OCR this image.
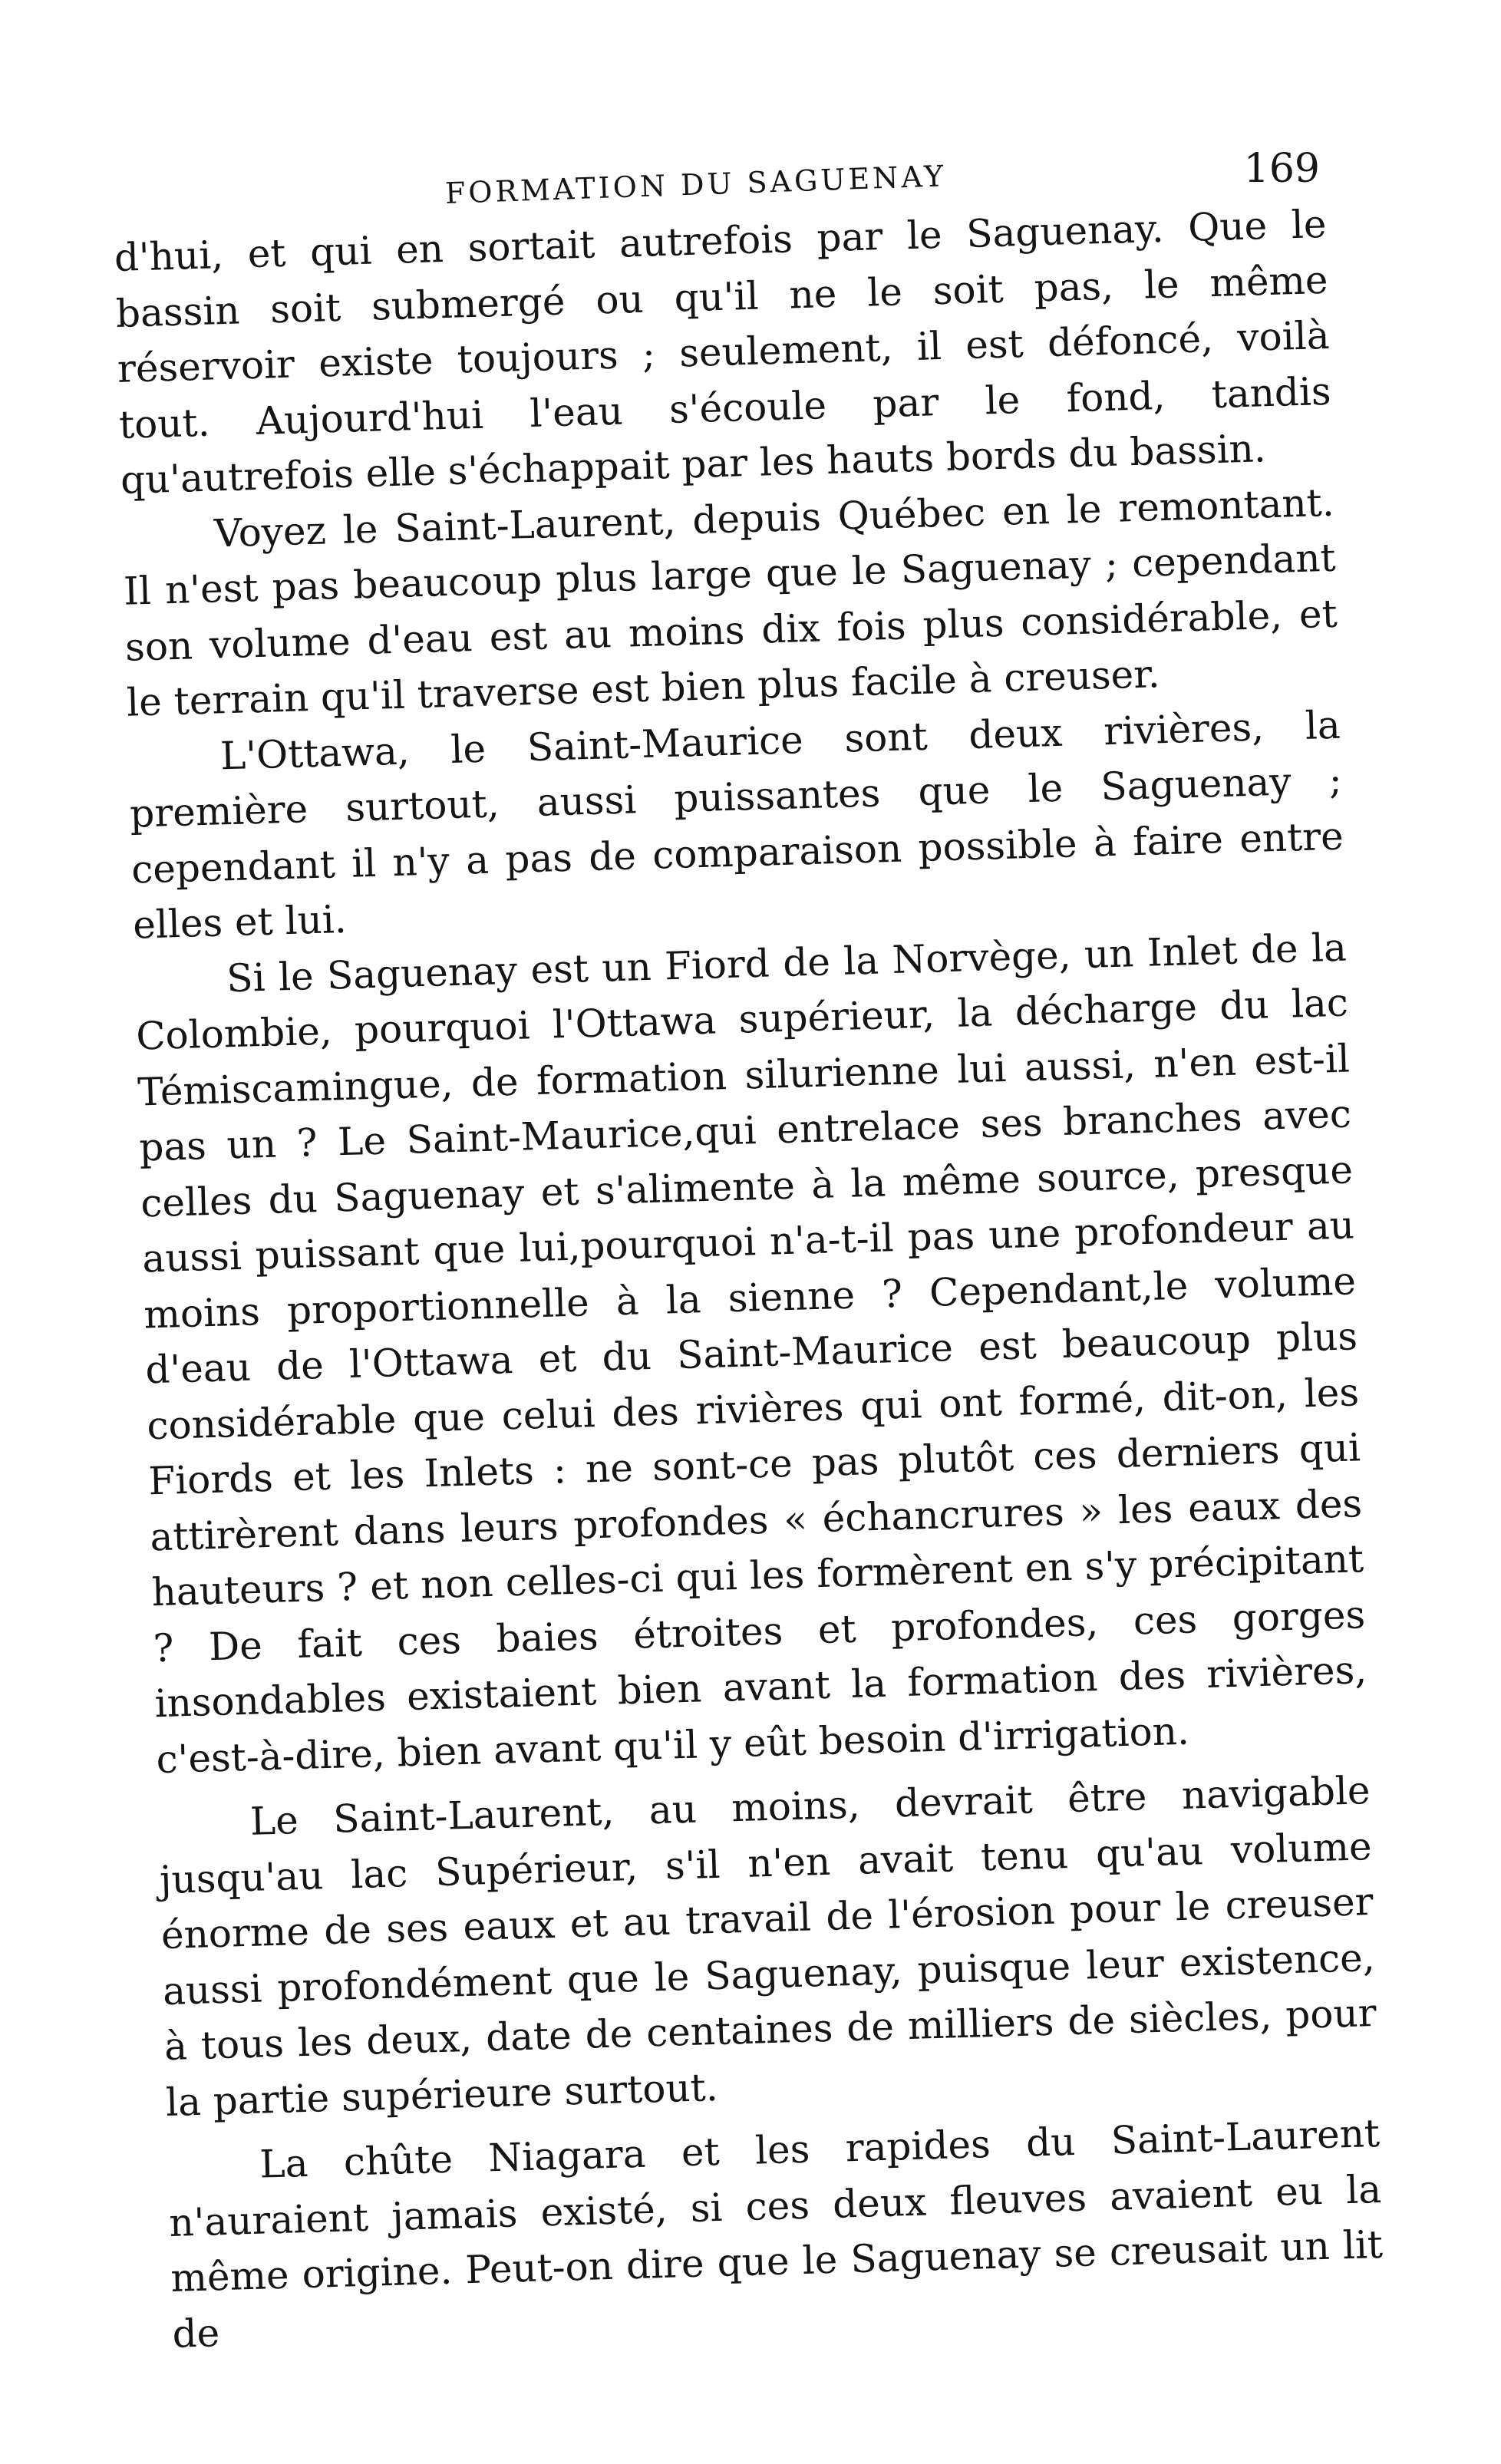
FORMATION DU SAGUENAY	169

d'hui, et qui en sortait autrefois par le Saguenay. Que le bassin soit submergé ou qu'il ne le soit pas, le même réservoir existe toujours ; seulement, il est défoncé, voilà tout. Aujourd'hui l'eau s'écoule par le fond, tandis qu'autrefois elle s'échappait par les hauts bords du bassin.

Voyez le Saint-Laurent, depuis Québec en le remontant. Il n'est pas beaucoup plus large que le Saguenay ; cependant son volume d'eau est au moins dix fois plus considérable, et le terrain qu'il traverse est bien plus facile à creuser.

L'Ottawa, le Saint-Maurice sont deux rivières, la première surtout, aussi puissantes que le Saguenay ; cependant il n'y a pas de comparaison possible à faire entre elles et lui.

Si le Saguenay est un Fiord de la Norvège, un Inlet de la Colombie, pourquoi l'Ottawa supérieur, la décharge du lac Témiscamingue, de formation silurienne lui aussi, n'en est-il pas un ? Le Saint-Maurice,qui entrelace ses branches avec celles du Saguenay et s'alimente à la même source, presque aussi puissant que lui,pourquoi n'a-t-il pas une profondeur au moins proportionnelle à la sienne ? Cependant,le volume d'eau de l'Ottawa et du Saint-Maurice est beaucoup plus considérable que celui des rivières qui ont formé, dit-on, les Fiords et les Inlets : ne sont-ce pas plutôt ces derniers qui attirèrent dans leurs profondes « échancrures » les eaux des hauteurs ? et non celles-ci qui les formèrent en s'y précipitant ? De fait ces baies étroites et profondes, ces gorges insondables existaient bien avant la formation des rivières, c'est-à-dire, bien avant qu'il y eût besoin d'irrigation.

Le Saint-Laurent, au moins, devrait être navigable jusqu'au lac Supérieur, s'il n'en avait tenu qu'au volume énorme de ses eaux et au travail de l'érosion pour le creuser aussi profondément que le Saguenay, puisque leur existence, à tous les deux, date de centaines de milliers de siècles, pour la partie supérieure surtout.

La chûte Niagara et les rapides du Saint-Laurent n'auraient jamais existé, si ces deux fleuves avaient eu la même origine. Peut-on dire que le Saguenay se creusait un lit de
